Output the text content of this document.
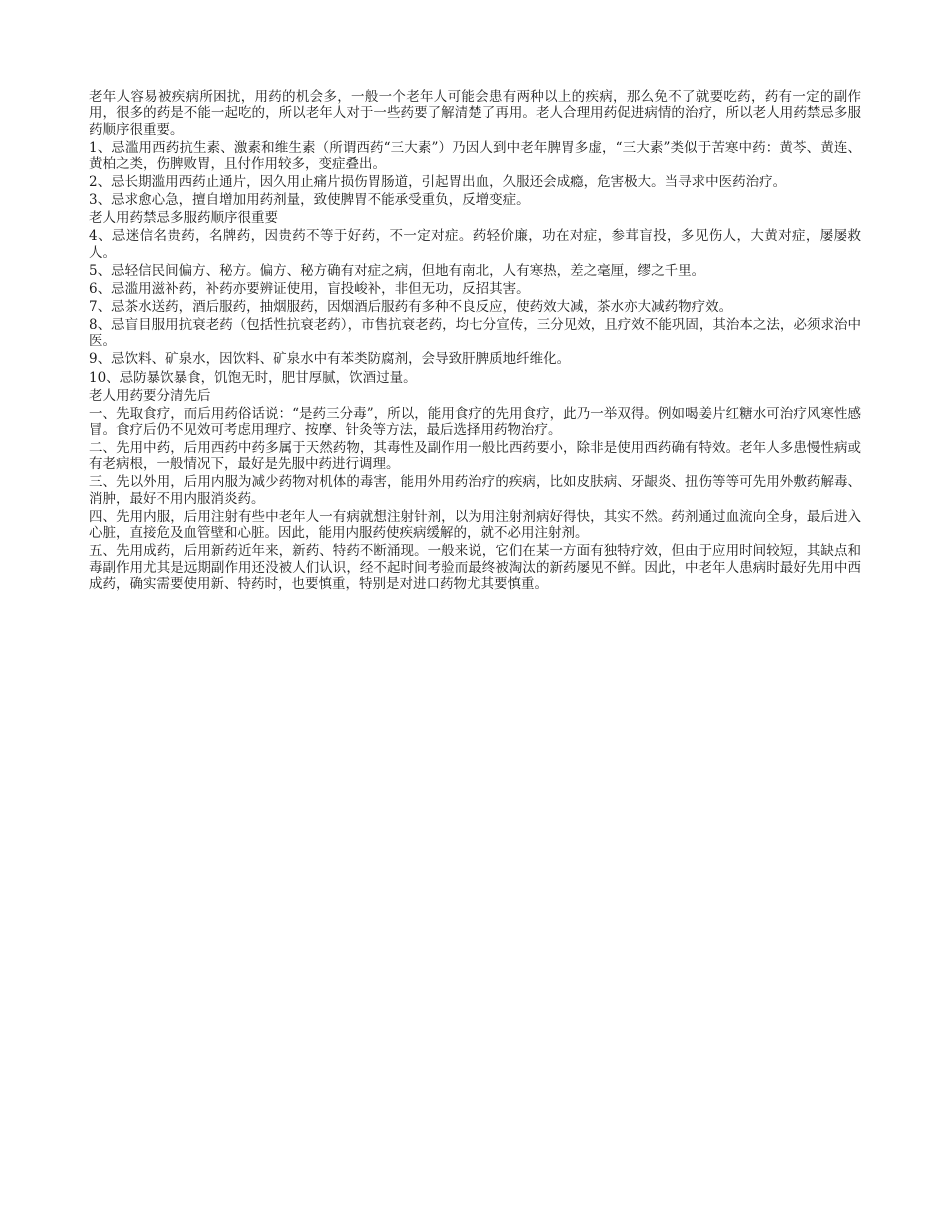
老年人容易被疾病所困扰，用药的机会多，一般一个老年人可能会患有两种以上的疾病，那么免不了就要吃药，药有一定的副作用，很多的药是不能一起吃的，所以老年人对于一些药要了解清楚了再用。老人合理用药促进病情的治疗，所以老人用药禁忌多服药顺序很重要。

1、忌滥用西药抗生素、激素和维生素（所谓西药“三大素”）乃因人到中老年脾胃多虚，“三大素”类似于苦寒中药：黄芩、黄连、黄柏之类，伤脾败胃，且付作用较多，变症叠出。

2、忌长期滥用西药止通片，因久用止痛片损伤胃肠道，引起胃出血，久服还会成瘾，危害极大。当寻求中医药治疗。

3、忌求愈心急，擅自增加用药剂量，致使脾胃不能承受重负，反增变症。

老人用药禁忌多服药顺序很重要

4、忌迷信名贵药，名牌药，因贵药不等于好药，不一定对症。药轻价廉，功在对症，参茸盲投，多见伤人，大黄对症，屡屡救人。

5、忌轻信民间偏方、秘方。偏方、秘方确有对症之病，但地有南北，人有寒热，差之毫厘，缪之千里。

6、忌滥用滋补药，补药亦要辨证使用，盲投峻补，非但无功，反招其害。

7、忌茶水送药，酒后服药，抽烟服药，因烟酒后服药有多种不良反应，使药效大减，茶水亦大减药物疗效。

8、忌盲目服用抗衰老药（包括性抗衰老药），市售抗衰老药，均七分宣传，三分见效，且疗效不能巩固，其治本之法，必须求治中医。

9、忌饮料、矿泉水，因饮料、矿泉水中有苯类防腐剂，会导致肝脾质地纤维化。

10、忌防暴饮暴食，饥饱无时，肥甘厚腻，饮酒过量。

老人用药要分清先后

一、先取食疗，而后用药俗话说：“是药三分毒”，所以，能用食疗的先用食疗，此乃一举双得。例如喝姜片红糖水可治疗风寒性感冒。食疗后仍不见效可考虑用理疗、按摩、针灸等方法，最后选择用药物治疗。

二、先用中药，后用西药中药多属于天然药物，其毒性及副作用一般比西药要小，除非是使用西药确有特效。老年人多患慢性病或有老病根，一般情况下，最好是先服中药进行调理。

三、先以外用，后用内服为减少药物对机体的毒害，能用外用药治疗的疾病，比如皮肤病、牙龈炎、扭伤等等可先用外敷药解毒、消肿，最好不用内服消炎药。

四、先用内服，后用注射有些中老年人一有病就想注射针剂，以为用注射剂病好得快，其实不然。药剂通过血流向全身，最后进入心脏，直接危及血管壁和心脏。因此，能用内服药使疾病缓解的，就不必用注射剂。

五、先用成药，后用新药近年来，新药、特药不断涌现。一般来说，它们在某一方面有独特疗效，但由于应用时间较短，其缺点和毒副作用尤其是远期副作用还没被人们认识，经不起时间考验而最终被淘汰的新药屡见不鲜。因此，中老年人患病时最好先用中西成药，确实需要使用新、特药时，也要慎重，特别是对进口药物尤其要慎重。
